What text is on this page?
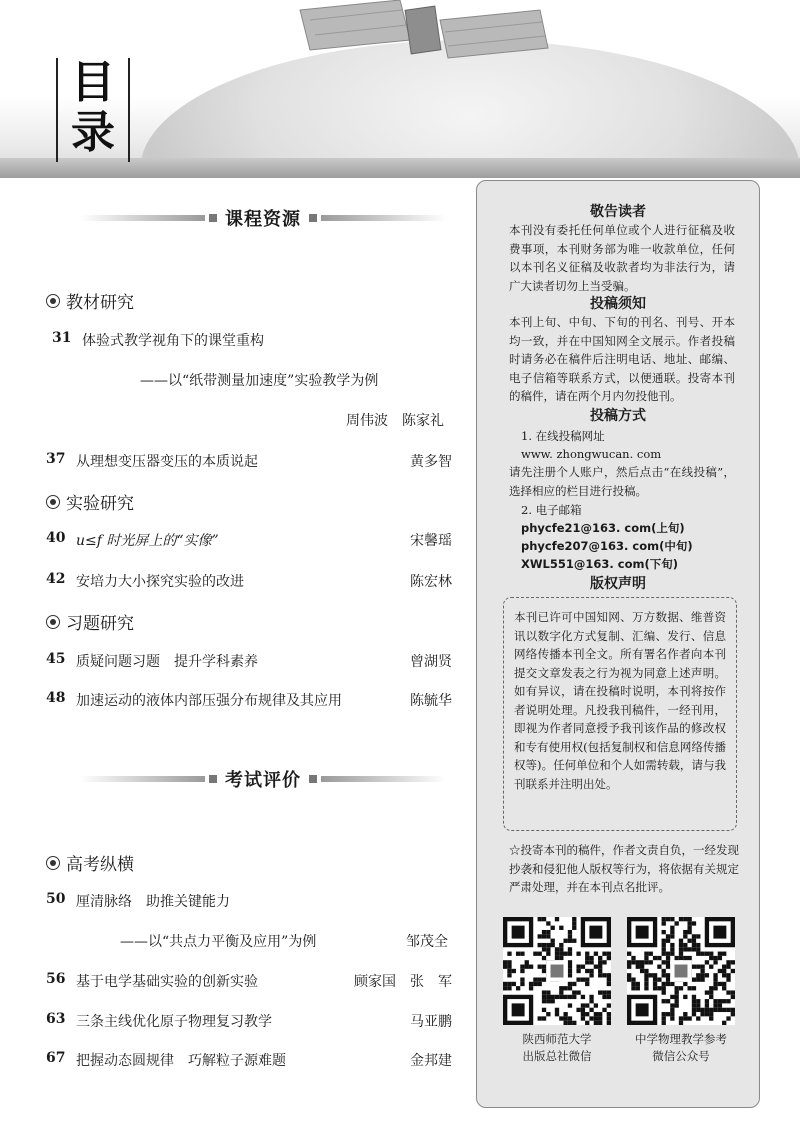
目
录
课程资源
教材研究
31 体验式教学视角下的课堂重构
——以“纸带测量加速度”实验教学为例
周伟波　陈家礼
37 从理想变压器变压的本质说起	黄多智
实验研究
40 u≤f 时光屏上的“实像”	宋馨瑶
42 安培力大小探究实验的改进	陈宏林
习题研究
45 质疑问题习题　提升学科素养	曾湖贤
48 加速运动的液体内部压强分布规律及其应用	陈毓华
考试评价
高考纵横
50 厘清脉络　助推关键能力
——以“共点力平衡及应用”为例	邹茂全
56 基于电学基础实验的创新实验	顾家国　张　军
63 三条主线优化原子物理复习教学	马亚鹏
67 把握动态圆规律　巧解粒子源难题	金邦建
敬告读者

本刊没有委托任何单位或个人进行征稿及收费事项，本刊财务部为唯一收款单位，任何以本刊名义征稿及收款者均为非法行为，请广大读者切勿上当受骗。

投稿须知

本刊上旬、中旬、下旬的刊名、刊号、开本均一致，并在中国知网全文展示。作者投稿时请务必在稿件后注明电话、地址、邮编、电子信箱等联系方式，以便通联。投寄本刊的稿件，请在两个月内勿投他刊。

投稿方式
1. 在线投稿网址
www. zhongwucan. com

请先注册个人账户，然后点击“在线投稿”，选择相应的栏目进行投稿。

2. 电子邮箱
phycfe21@163. com(上旬)
phycfe207@163. com(中旬)
XWL551@163. com(下旬)
版权声明

本刊已许可中国知网、万方数据、维普资讯以数字化方式复制、汇编、发行、信息网络传播本刊全文。所有署名作者向本刊提交文章发表之行为视为同意上述声明。如有异议，请在投稿时说明，本刊将按作者说明处理。凡投我刊稿件，一经刊用，即视为作者同意授予我刊该作品的修改权和专有使用权(包括复制权和信息网络传播权等)。任何单位和个人如需转载，请与我刊联系并注明出处。

☆投寄本刊的稿件，作者文责自负，一经发现抄袭和侵犯他人版权等行为，将依据有关规定严肃处理，并在本刊点名批评。

陕西师范大学
出版总社微信
中学物理教学参考
微信公众号
